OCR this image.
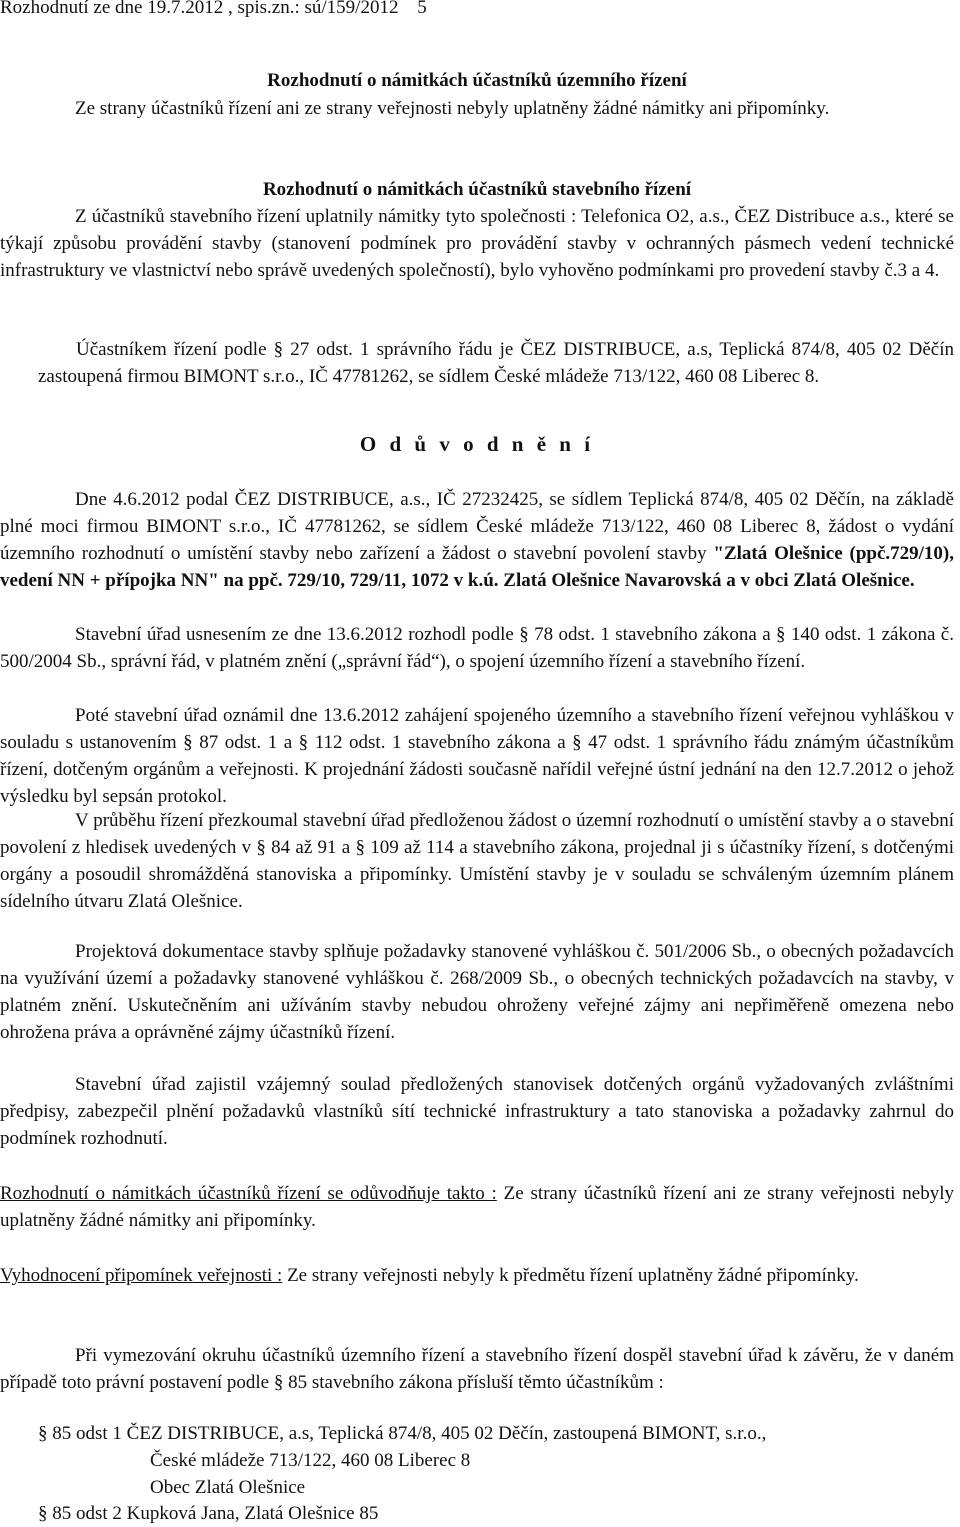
Rozhodnutí ze dne 19.7.2012 , spis.zn.: sú/159/2012 5
Rozhodnutí o námitkách účastníků územního řízení
Ze strany účastníků řízení ani ze strany veřejnosti nebyly uplatněny žádné námitky ani připomínky.
Rozhodnutí o námitkách účastníků stavebního řízení
Z účastníků stavebního řízení uplatnily námitky tyto společnosti : Telefonica O2, a.s., ČEZ Distribuce a.s., které se týkají způsobu provádění stavby (stanovení podmínek pro provádění stavby v ochranných pásmech vedení technické infrastruktury ve vlastnictví nebo správě uvedených společností), bylo vyhověno podmínkami pro provedení stavby č.3 a 4.
Účastníkem řízení podle § 27 odst. 1 správního řádu je ČEZ DISTRIBUCE, a.s, Teplická 874/8, 405 02 Děčín zastoupená firmou BIMONT s.r.o., IČ 47781262, se sídlem České mládeže 713/122, 460 08 Liberec 8.
O d ů v o d n ě n í
Dne 4.6.2012 podal ČEZ DISTRIBUCE, a.s., IČ 27232425, se sídlem Teplická 874/8, 405 02 Děčín, na základě plné moci firmou BIMONT s.r.o., IČ 47781262, se sídlem České mládeže 713/122, 460 08 Liberec 8, žádost o vydání územního rozhodnutí o umístění stavby nebo zařízení a žádost o stavební povolení stavby "Zlatá Olešnice (ppč.729/10), vedení NN + přípojka NN" na ppč. 729/10, 729/11, 1072 v k.ú. Zlatá Olešnice Navarovská a v obci Zlatá Olešnice.
Stavební úřad usnesením ze dne 13.6.2012 rozhodl podle § 78 odst. 1 stavebního zákona a § 140 odst. 1 zákona č. 500/2004 Sb., správní řád, v platném znění („správní řád“), o spojení územního řízení a stavebního řízení.
Poté stavební úřad oznámil dne 13.6.2012 zahájení spojeného územního a stavebního řízení veřejnou vyhláškou v souladu s ustanovením § 87 odst. 1 a § 112 odst. 1 stavebního zákona a § 47 odst. 1 správního řádu známým účastníkům řízení, dotčeným orgánům a veřejnosti. K projednání žádosti současně nařídil veřejné ústní jednání na den 12.7.2012 o jehož výsledku byl sepsán protokol.
V průběhu řízení přezkoumal stavební úřad předloženou žádost o územní rozhodnutí o umístění stavby a o stavební povolení z hledisek uvedených v § 84 až 91 a § 109 až 114 a stavebního zákona, projednal ji s účastníky řízení, s dotčenými orgány a posoudil shromážděná stanoviska a připomínky. Umístění stavby je v souladu se schváleným územním plánem sídelního útvaru Zlatá Olešnice.
Projektová dokumentace stavby splňuje požadavky stanovené vyhláškou č. 501/2006 Sb., o obecných požadavcích na využívání území a požadavky stanovené vyhláškou č. 268/2009 Sb., o obecných technických požadavcích na stavby, v platném znění. Uskutečněním ani užíváním stavby nebudou ohroženy veřejné zájmy ani nepřiměřeně omezena nebo ohrožena práva a oprávněné zájmy účastníků řízení.
Stavební úřad zajistil vzájemný soulad předložených stanovisek dotčených orgánů vyžadovaných zvláštními předpisy, zabezpečil plnění požadavků vlastníků sítí technické infrastruktury a tato stanoviska a požadavky zahrnul do podmínek rozhodnutí.
Rozhodnutí o námitkách účastníků řízení se odůvodňuje takto : Ze strany účastníků řízení ani ze strany veřejnosti nebyly uplatněny žádné námitky ani připomínky.
Vyhodnocení připomínek veřejnosti : Ze strany veřejnosti nebyly k předmětu řízení uplatněny žádné připomínky.
Při vymezování okruhu účastníků územního řízení a stavebního řízení dospěl stavební úřad k závěru, že v daném případě toto právní postavení podle § 85 stavebního zákona přísluší těmto účastníkům :
§ 85 odst 1 ČEZ DISTRIBUCE, a.s, Teplická 874/8, 405 02 Děčín, zastoupená BIMONT, s.r.o.,
České mládeže 713/122, 460 08 Liberec 8
Obec Zlatá Olešnice
§ 85 odst 2 Kupková Jana, Zlatá Olešnice 85
